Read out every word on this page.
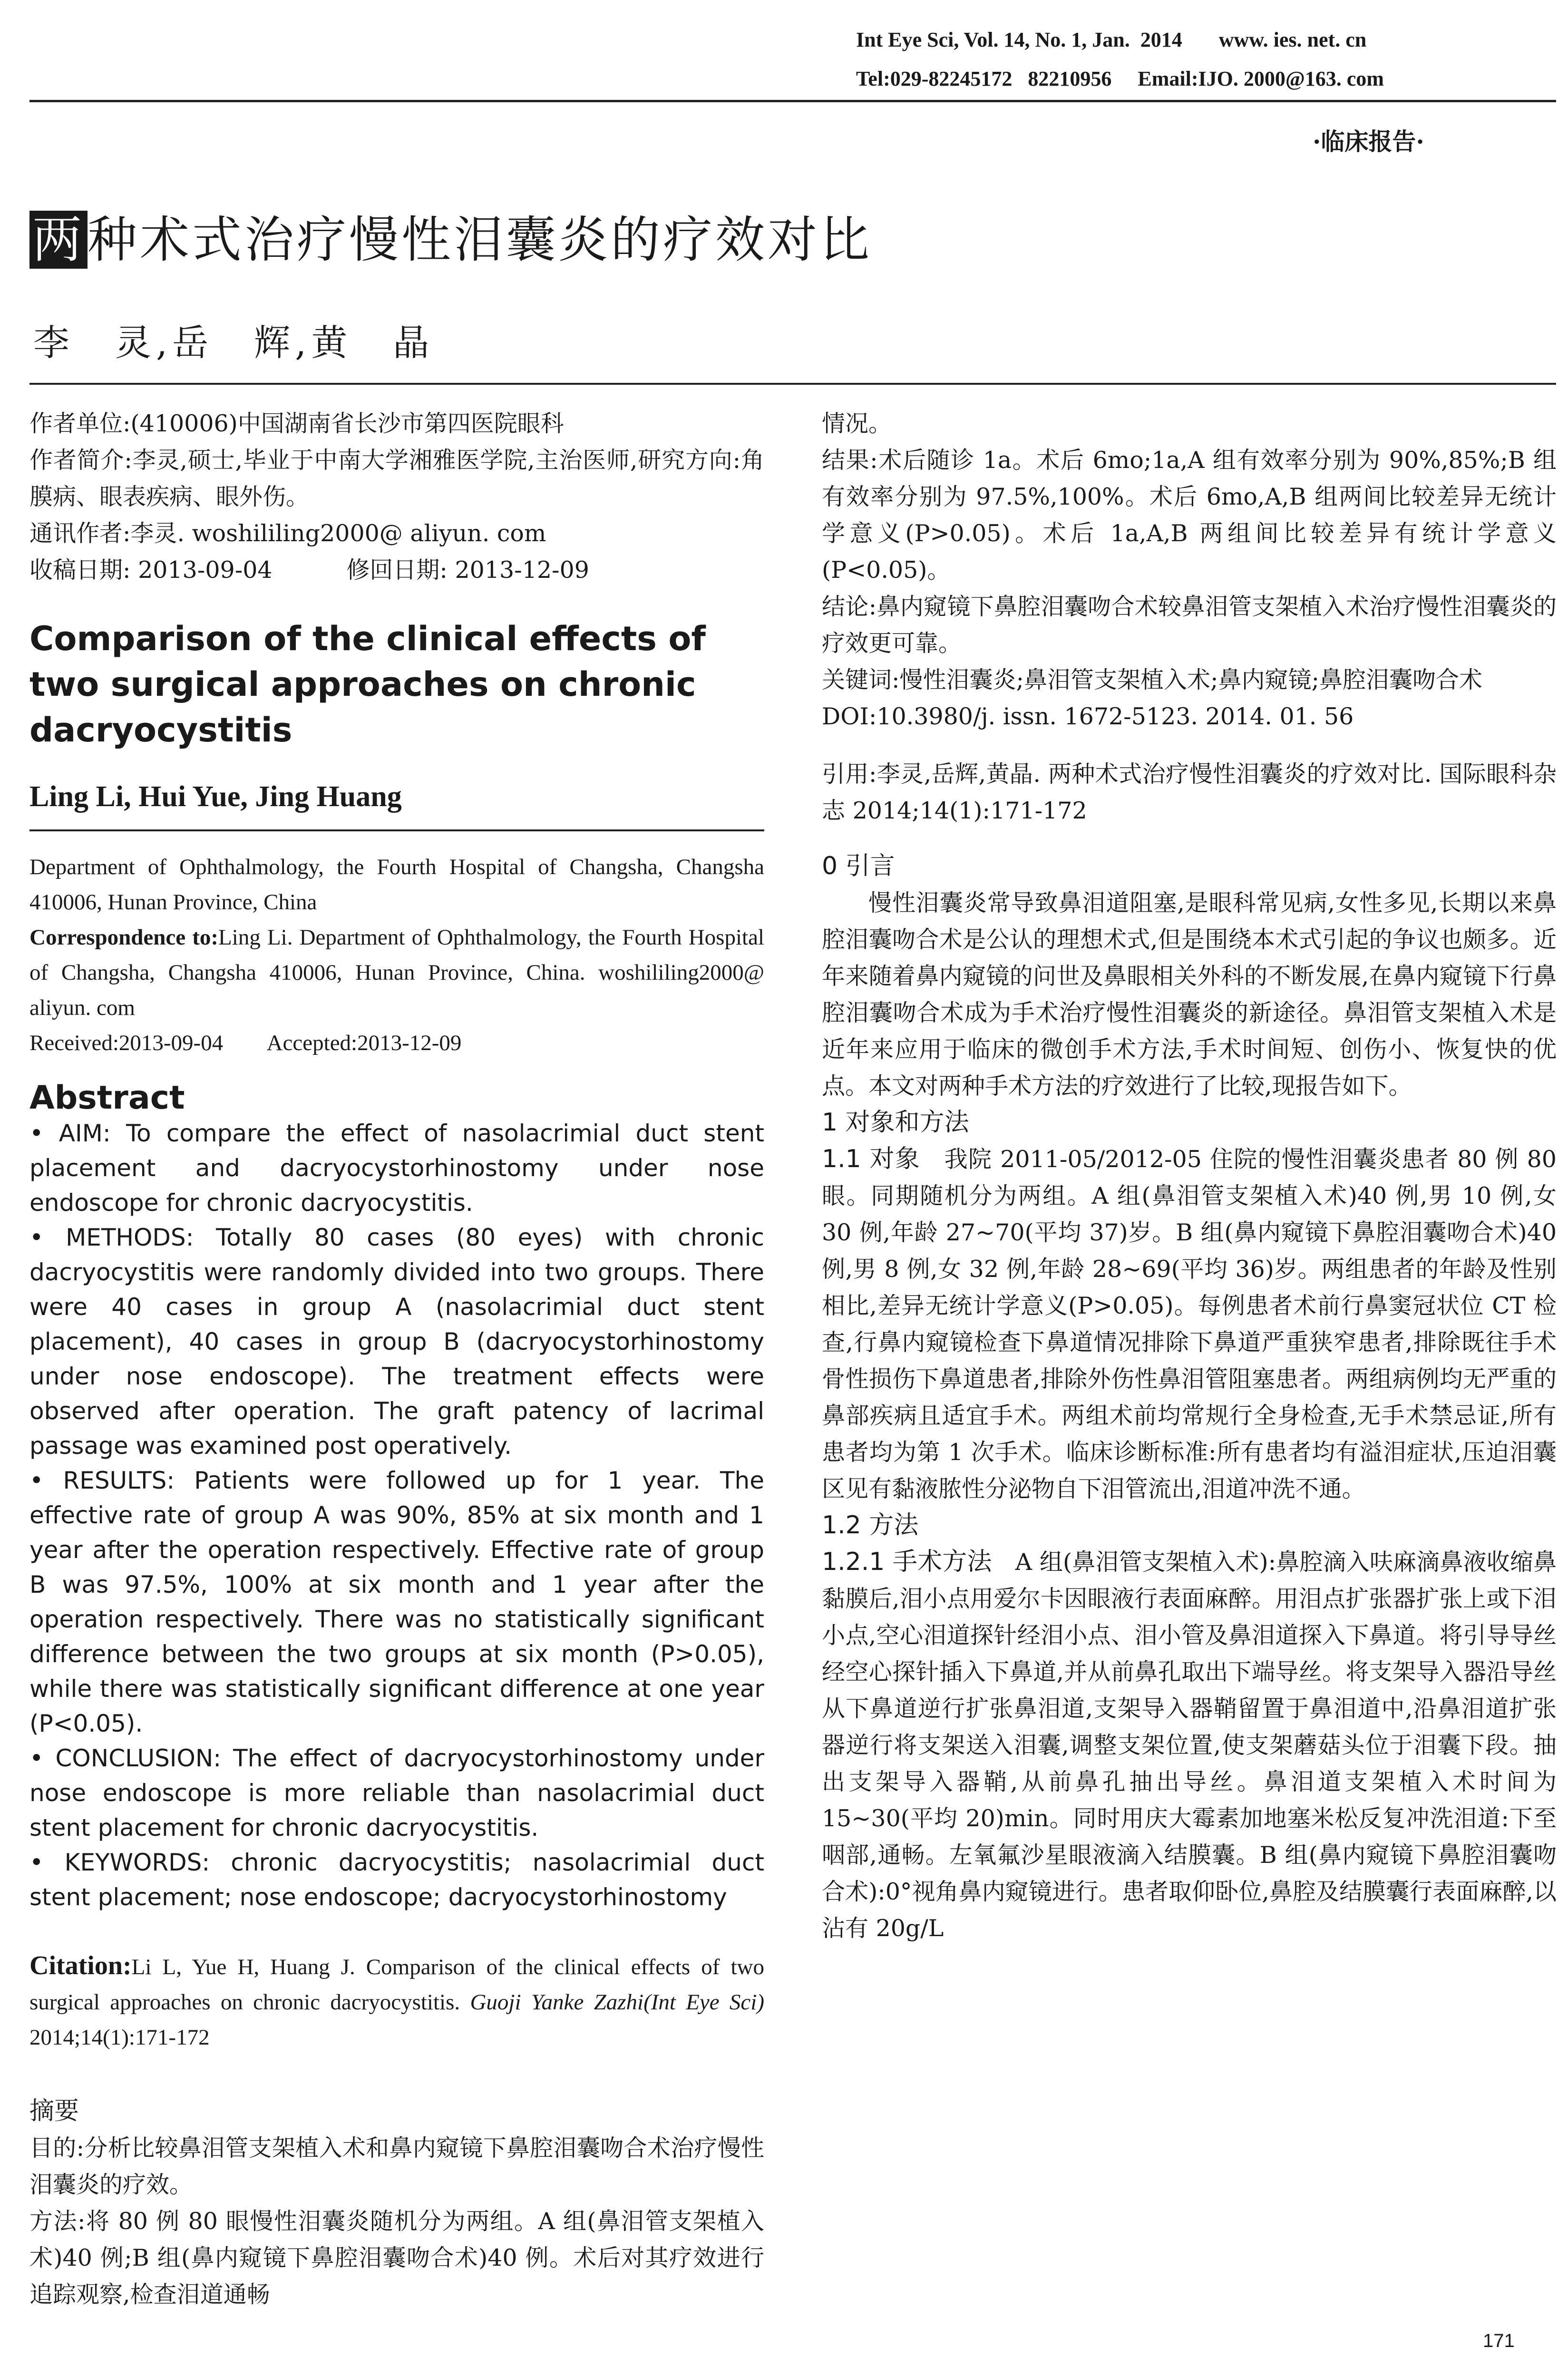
Int Eye Sci, Vol. 14, No. 1, Jan.  2014       www. ies. net. cn
Tel:029-82245172   82210956     Email:IJO. 2000@163. com
·临床报告·
两种术式治疗慢性泪囊炎的疗效对比
李　灵,岳　辉,黄　晶

作者单位:(410006)中国湖南省长沙市第四医院眼科

作者简介:李灵,硕士,毕业于中南大学湘雅医学院,主治医师,研究方向:角膜病、眼表疾病、眼外伤。

通讯作者:李灵. woshililing2000@ aliyun. com

收稿日期: 2013-09-04          修回日期: 2013-12-09

Comparison of the clinical effects of two surgical approaches on chronic dacryocystitis

Ling Li, Hui Yue, Jing Huang

Department of Ophthalmology, the Fourth Hospital of Changsha, Changsha 410006, Hunan Province, China

Correspondence to:Ling Li. Department of Ophthalmology, the Fourth Hospital of Changsha, Changsha 410006, Hunan Province, China. woshililing2000@ aliyun. com

Received:2013-09-04        Accepted:2013-12-09

Abstract

• AIM: To compare the effect of nasolacrimial duct stent placement and dacryocystorhinostomy under nose endoscope for chronic dacryocystitis.

• METHODS: Totally 80 cases (80 eyes) with chronic dacryocystitis were randomly divided into two groups. There were 40 cases in group A (nasolacrimial duct stent placement), 40 cases in group B (dacryocystorhinostomy under nose endoscope). The treatment effects were observed after operation. The graft patency of lacrimal passage was examined post operatively.

• RESULTS: Patients were followed up for 1 year. The effective rate of group A was 90%, 85% at six month and 1 year after the operation respectively. Effective rate of group B was 97.5%, 100% at six month and 1 year after the operation respectively. There was no statistically significant difference between the two groups at six month (P>0.05), while there was statistically significant difference at one year (P<0.05).

• CONCLUSION: The effect of dacryocystorhinostomy under nose endoscope is more reliable than nasolacrimial duct stent placement for chronic dacryocystitis.

• KEYWORDS: chronic dacryocystitis; nasolacrimial duct stent placement; nose endoscope; dacryocystorhinostomy

Citation:Li L, Yue H, Huang J. Comparison of the clinical effects of two surgical approaches on chronic dacryocystitis. Guoji Yanke Zazhi(Int Eye Sci) 2014;14(1):171-172

摘要

目的:分析比较鼻泪管支架植入术和鼻内窥镜下鼻腔泪囊吻合术治疗慢性泪囊炎的疗效。

方法:将 80 例 80 眼慢性泪囊炎随机分为两组。A 组(鼻泪管支架植入术)40 例;B 组(鼻内窥镜下鼻腔泪囊吻合术)40 例。术后对其疗效进行追踪观察,检查泪道通畅

情况。

结果:术后随诊 1a。术后 6mo;1a,A 组有效率分别为 90%,85%;B 组有效率分别为 97.5%,100%。术后 6mo,A,B 组两间比较差异无统计学意义(P>0.05)。术后 1a,A,B 两组间比较差异有统计学意义(P<0.05)。

结论:鼻内窥镜下鼻腔泪囊吻合术较鼻泪管支架植入术治疗慢性泪囊炎的疗效更可靠。

关键词:慢性泪囊炎;鼻泪管支架植入术;鼻内窥镜;鼻腔泪囊吻合术

DOI:10.3980/j. issn. 1672-5123. 2014. 01. 56

引用:李灵,岳辉,黄晶. 两种术式治疗慢性泪囊炎的疗效对比. 国际眼科杂志 2014;14(1):171-172

0 引言

慢性泪囊炎常导致鼻泪道阻塞,是眼科常见病,女性多见,长期以来鼻腔泪囊吻合术是公认的理想术式,但是围绕本术式引起的争议也颇多。近年来随着鼻内窥镜的问世及鼻眼相关外科的不断发展,在鼻内窥镜下行鼻腔泪囊吻合术成为手术治疗慢性泪囊炎的新途径。鼻泪管支架植入术是近年来应用于临床的微创手术方法,手术时间短、创伤小、恢复快的优点。本文对两种手术方法的疗效进行了比较,现报告如下。

1 对象和方法

1.1 对象　 我院 2011-05/2012-05 住院的慢性泪囊炎患者 80 例 80 眼。同期随机分为两组。A 组(鼻泪管支架植入术)40 例,男 10 例,女 30 例,年龄 27~70(平均 37)岁。B 组(鼻内窥镜下鼻腔泪囊吻合术)40 例,男 8 例,女 32 例,年龄 28~69(平均 36)岁。两组患者的年龄及性别相比,差异无统计学意义(P>0.05)。每例患者术前行鼻窦冠状位 CT 检查,行鼻内窥镜检查下鼻道情况排除下鼻道严重狭窄患者,排除既往手术骨性损伤下鼻道患者,排除外伤性鼻泪管阻塞患者。两组病例均无严重的鼻部疾病且适宜手术。两组术前均常规行全身检查,无手术禁忌证,所有患者均为第 1 次手术。临床诊断标准:所有患者均有溢泪症状,压迫泪囊区见有黏液脓性分泌物自下泪管流出,泪道冲洗不通。

1.2 方法

1.2.1 手术方法　 A 组(鼻泪管支架植入术):鼻腔滴入呋麻滴鼻液收缩鼻黏膜后,泪小点用爱尔卡因眼液行表面麻醉。用泪点扩张器扩张上或下泪小点,空心泪道探针经泪小点、泪小管及鼻泪道探入下鼻道。将引导导丝经空心探针插入下鼻道,并从前鼻孔取出下端导丝。将支架导入器沿导丝从下鼻道逆行扩张鼻泪道,支架导入器鞘留置于鼻泪道中,沿鼻泪道扩张器逆行将支架送入泪囊,调整支架位置,使支架蘑菇头位于泪囊下段。抽出支架导入器鞘,从前鼻孔抽出导丝。鼻泪道支架植入术时间为 15~30(平均 20)min。同时用庆大霉素加地塞米松反复冲洗泪道:下至咽部,通畅。左氧氟沙星眼液滴入结膜囊。B 组(鼻内窥镜下鼻腔泪囊吻合术):0°视角鼻内窥镜进行。患者取仰卧位,鼻腔及结膜囊行表面麻醉,以沾有 20g/L

171
